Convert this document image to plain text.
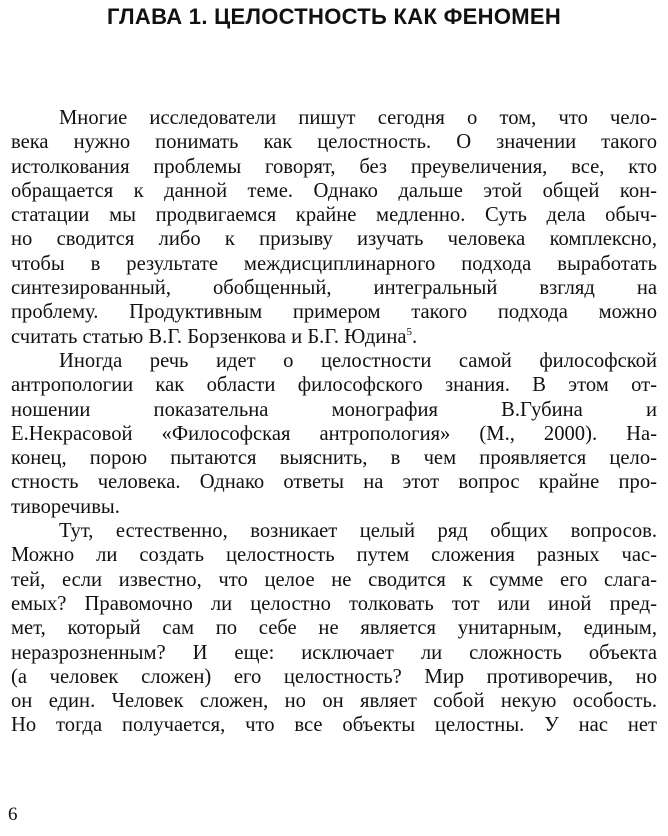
ГЛАВА 1. ЦЕЛОСТНОСТЬ КАК ФЕНОМЕН
Многие исследователи пишут сегодня о том, что чело-
века нужно понимать как целостность. О значении такого
истолкования проблемы говорят, без преувеличения, все, кто
обращается к данной теме. Однако дальше этой общей кон-
статации мы продвигаемся крайне медленно. Суть дела обыч-
но сводится либо к призыву изучать человека комплексно,
чтобы в результате междисциплинарного подхода выработать
синтезированный, обобщенный, интегральный взгляд на
проблему. Продуктивным примером такого подхода можно
считать статью В.Г. Борзенкова и Б.Г. Юдина$^5$.
Иногда речь идет о целостности самой философской
антропологии как области философского знания. В этом от-
ношении показательна монография В.Губина и
Е.Некрасовой «Философская антропология» (М., 2000). На-
конец, порою пытаются выяснить, в чем проявляется цело-
стность человека. Однако ответы на этот вопрос крайне про-
тиворечивы.
Тут, естественно, возникает целый ряд общих вопросов.
Можно ли создать целостность путем сложения разных час-
тей, если известно, что целое не сводится к сумме его слага-
емых? Правомочно ли целостно толковать тот или иной пред-
мет, который сам по себе не является унитарным, единым,
неразрозненным? И еще: исключает ли сложность объекта
(а человек сложен) его целостность? Мир противоречив, но
он един. Человек сложен, но он являет собой некую особость.
Но тогда получается, что все объекты целостны. У нас нет
6
